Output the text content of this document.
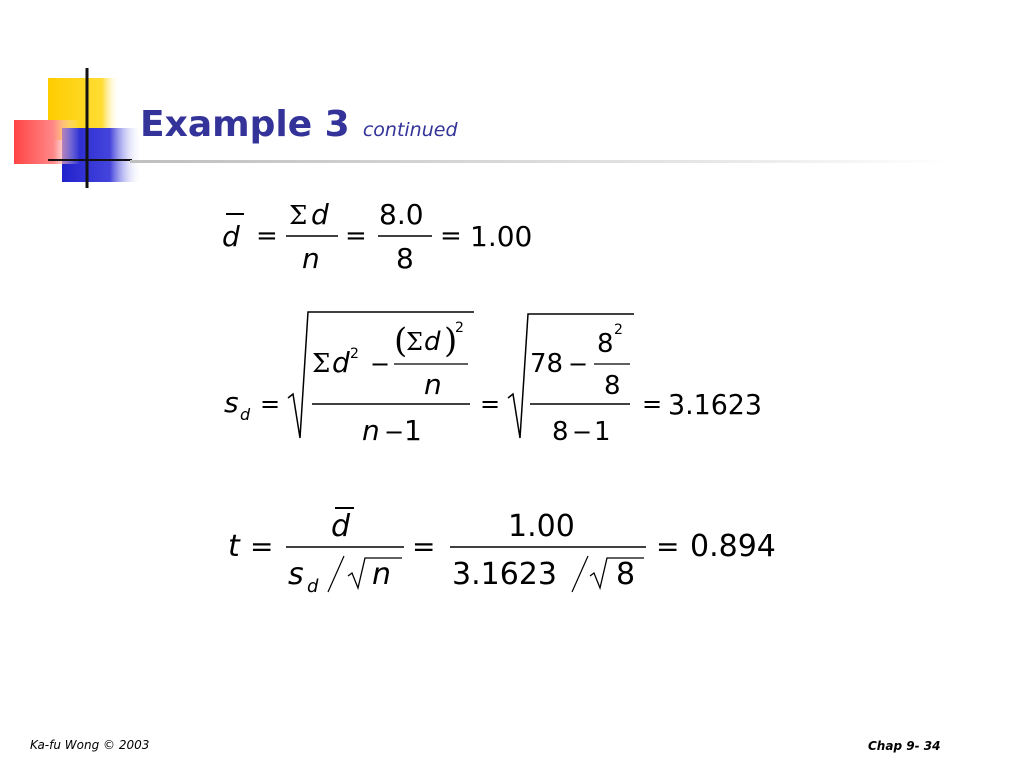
Example 3 continued
d =
Σ d
n
=
8.0
8
= 1.00
s d =
Σ d 2 −
(
Σ d )
2
n
n − 1
=
78 −
8 2
8
8 − 1
= 3.1623
t =
d
s d n
=
1.00
3.1623 8
= 0.894
Ka-fu Wong © 2003	Chap 9- 34
